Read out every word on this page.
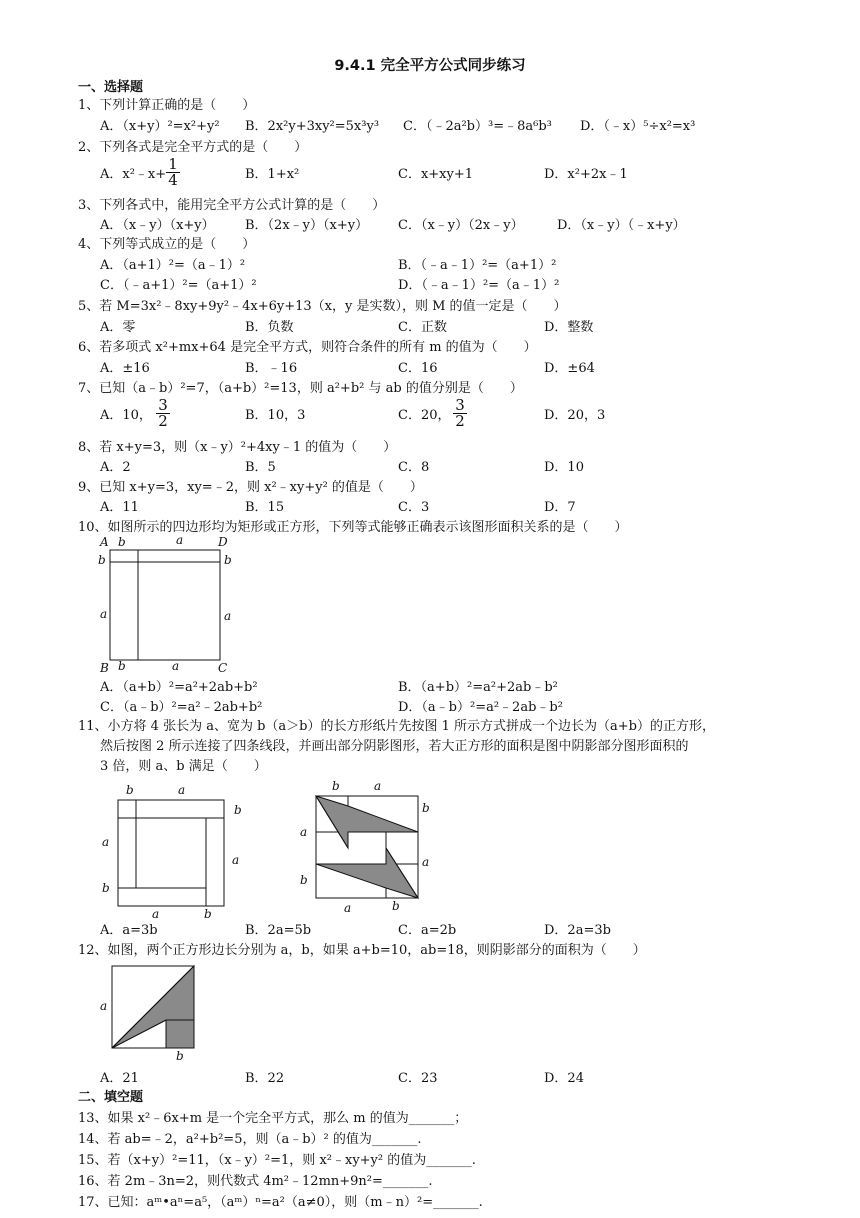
9.4.1 完全平方公式同步练习
一、选择题
1、下列计算正确的是（　　）
A．（x+y）²=x²+y² B．2x²y+3xy²=5x³y³ C．（﹣2a²b）³=﹣8a⁶b³ D．（﹣x）⁵÷x²=x³
2、下列各式是完全平方式的是（　　）
A．x²﹣x+ $\frac{1}{4}$	B．1+x²	C．x+xy+1	D．x²+2x﹣1
3、下列各式中，能用完全平方公式计算的是（　　）
A．（x﹣y）（x+y） B．（2x﹣y）（x+y） C．（x﹣y）（2x﹣y）	D．（x﹣y）（﹣x+y）
4、下列等式成立的是（　　）
A．（a+1）²=（a﹣1）²	B．（﹣a﹣1）²=（a+1）²
C．（﹣a+1）²=（a+1）²	D．（﹣a﹣1）²=（a﹣1）²
5、若 M=3x²﹣8xy+9y²﹣4x+6y+13（x，y 是实数），则 M 的值一定是（　　）
A．零	B．负数	C．正数	D．整数
6、若多项式 x²+mx+64 是完全平方式，则符合条件的所有 m 的值为（　　）
A．±16	B．﹣16	C．16	D．±64
7、已知（a﹣b）²=7，（a+b）²=13，则 a²+b² 与 ab 的值分别是（　　）
A．10， $\frac{3}{2}$	B．10，3	C．20， $\frac{3}{2}$	D．20，3
8、若 x+y=3，则（x﹣y）²+4xy﹣1 的值为（　　）
A．2	B．5	C．8	D．10
9、已知 x+y=3，xy=﹣2，则 x²﹣xy+y² 的值是（　　）
A．11	B．15	C．3	D．7
10、如图所示的四边形均为矩形或正方形，下列等式能够正确表示该图形面积关系的是（　　）
A b	a	D
b	b
a	a
B b	a	C
A．（a+b）²=a²+2ab+b²	B．（a+b）²=a²+2ab﹣b²
C．（a﹣b）²=a²﹣2ab+b²	D．（a﹣b）²=a²﹣2ab﹣b²
11、小方将 4 张长为 a、宽为 b（a＞b）的长方形纸片先按图 1 所示方式拼成一个边长为（a+b）的正方形，
然后按图 2 所示连接了四条线段，并画出部分阴影图形，若大正方形的面积是图中阴影部分图形面积的
3 倍，则 a、b 满足（　　）
b	a
b
a
a
b
a	b
b	a
b
a
a
b
a	b
A．a=3b	B．2a=5b	C．a=2b	D．2a=3b
12、如图，两个正方形边长分别为 a，b，如果 a+b=10，ab=18，则阴影部分的面积为（　　）
a
b
A．21	B．22	C．23	D．24
二、填空题
13、如果 x²﹣6x+m 是一个完全平方式，那么 m 的值为_______；
14、若 ab=﹣2，a²+b²=5，则（a﹣b）² 的值为_______.
15、若（x+y）²=11，（x﹣y）²=1，则 x²﹣xy+y² 的值为_______.
16、若 2m﹣3n=2，则代数式 4m²﹣12mn+9n²=_______.
17、已知：aᵐ•aⁿ=a⁵，（aᵐ）ⁿ=a²（a≠0），则（m﹣n）²=_______.
